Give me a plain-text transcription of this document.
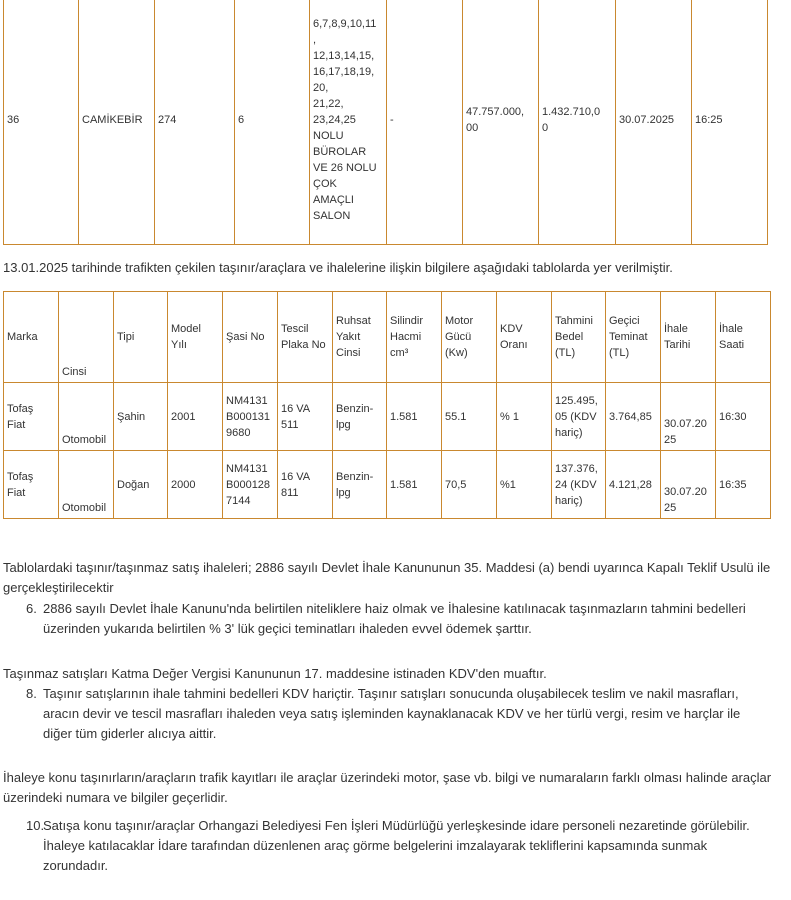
36	CAMİKEBİR	274	6	6,7,8,9,10,11
,
12,13,14,15,
16,17,18,19,
20,
21,22,
23,24,25
NOLU
BÜROLAR
VE 26 NOLU
ÇOK
AMAÇLI
SALON	-	47.757.000,
00	1.432.710,0
0	30.07.2025	16:25

13.01.2025 tarihinde trafikten çekilen taşınır/araçlara ve ihalelerine ilişkin bilgilere aşağıdaki tablolarda yer verilmiştir.

Marka	Cinsi	Tipi	Model
Yılı	Şasi No	Tescil
Plaka No	Ruhsat
Yakıt
Cinsi	Silindir
Hacmi
cm³	Motor
Gücü
(Kw)	KDV
Oranı	Tahmini
Bedel
(TL)	Geçici
Teminat
(TL)	İhale
Tarihi	İhale
Saati
Tofaş
Fiat	Otomobil	Şahin	2001	NM4131
B000131
9680	16 VA
511	Benzin-
lpg	1.581	55.1	% 1	125.495,
05 (KDV
hariç)	3.764,85	30.07.20
25	16:30
Tofaş
Fiat	Otomobil	Doğan	2000	NM4131
B000128
7144	16 VA
811	Benzin-
lpg	1.581	70,5	%1	137.376,
24 (KDV
hariç)	4.121,28	30.07.20
25	16:35

Tablolardaki taşınır/taşınmaz satış ihaleleri; 2886 sayılı Devlet İhale Kanununun 35. Maddesi (a) bendi uyarınca Kapalı Teklif Usulü ile gerçekleştirilecektir

6. 2886 sayılı Devlet İhale Kanunu'nda belirtilen niteliklere haiz olmak ve İhalesine katılınacak taşınmazların tahmini bedelleri üzerinden yukarıda belirtilen % 3' lük geçici teminatları ihaleden evvel ödemek şarttır.

Taşınmaz satışları Katma Değer Vergisi Kanununun 17. maddesine istinaden KDV'den muaftır.

8. Taşınır satışlarının ihale tahmini bedelleri KDV hariçtir. Taşınır satışları sonucunda oluşabilecek teslim ve nakil masrafları, aracın devir ve tescil masrafları ihaleden veya satış işleminden kaynaklanacak KDV ve her türlü vergi, resim ve harçlar ile diğer tüm giderler alıcıya aittir.

İhaleye konu taşınırların/araçların trafik kayıtları ile araçlar üzerindeki motor, şase vb. bilgi ve numaraların farklı olması halinde araçlar üzerindeki numara ve bilgiler geçerlidir.

10.
Satışa konu taşınır/araçlar Orhangazi Belediyesi Fen İşleri Müdürlüğü yerleşkesinde idare personeli nezaretinde görülebilir. İhaleye katılacaklar İdare tarafından düzenlenen araç görme belgelerini imzalayarak tekliflerini kapsamında sunmak zorundadır.
